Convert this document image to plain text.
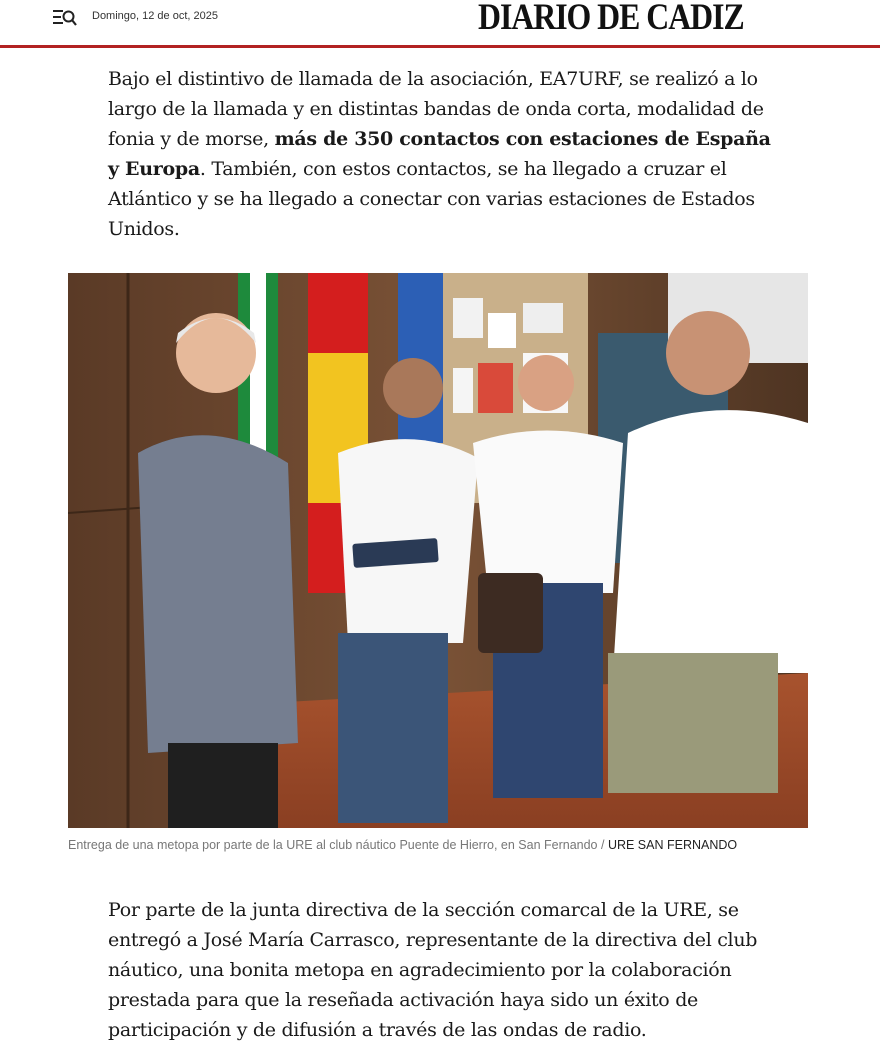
Domingo, 12 de oct, 2025	DIARIO DE CADIZ

Bajo el distintivo de llamada de la asociación, EA7URF, se realizó a lo largo de la llamada y en distintas bandas de onda corta, modalidad de fonia y de morse, más de 350 contactos con estaciones de España y Europa. También, con estos contactos, se ha llegado a cruzar el Atlántico y se ha llegado a conectar con varias estaciones de Estados Unidos.

Entrega de una metopa por parte de la URE al club náutico Puente de Hierro, en San Fernando / URE SAN FERNANDO

Por parte de la junta directiva de la sección comarcal de la URE, se entregó a José María Carrasco, representante de la directiva del club náutico, una bonita metopa en agradecimiento por la colaboración prestada para que la reseñada activación haya sido un éxito de participación y de difusión a través de las ondas de radio.
